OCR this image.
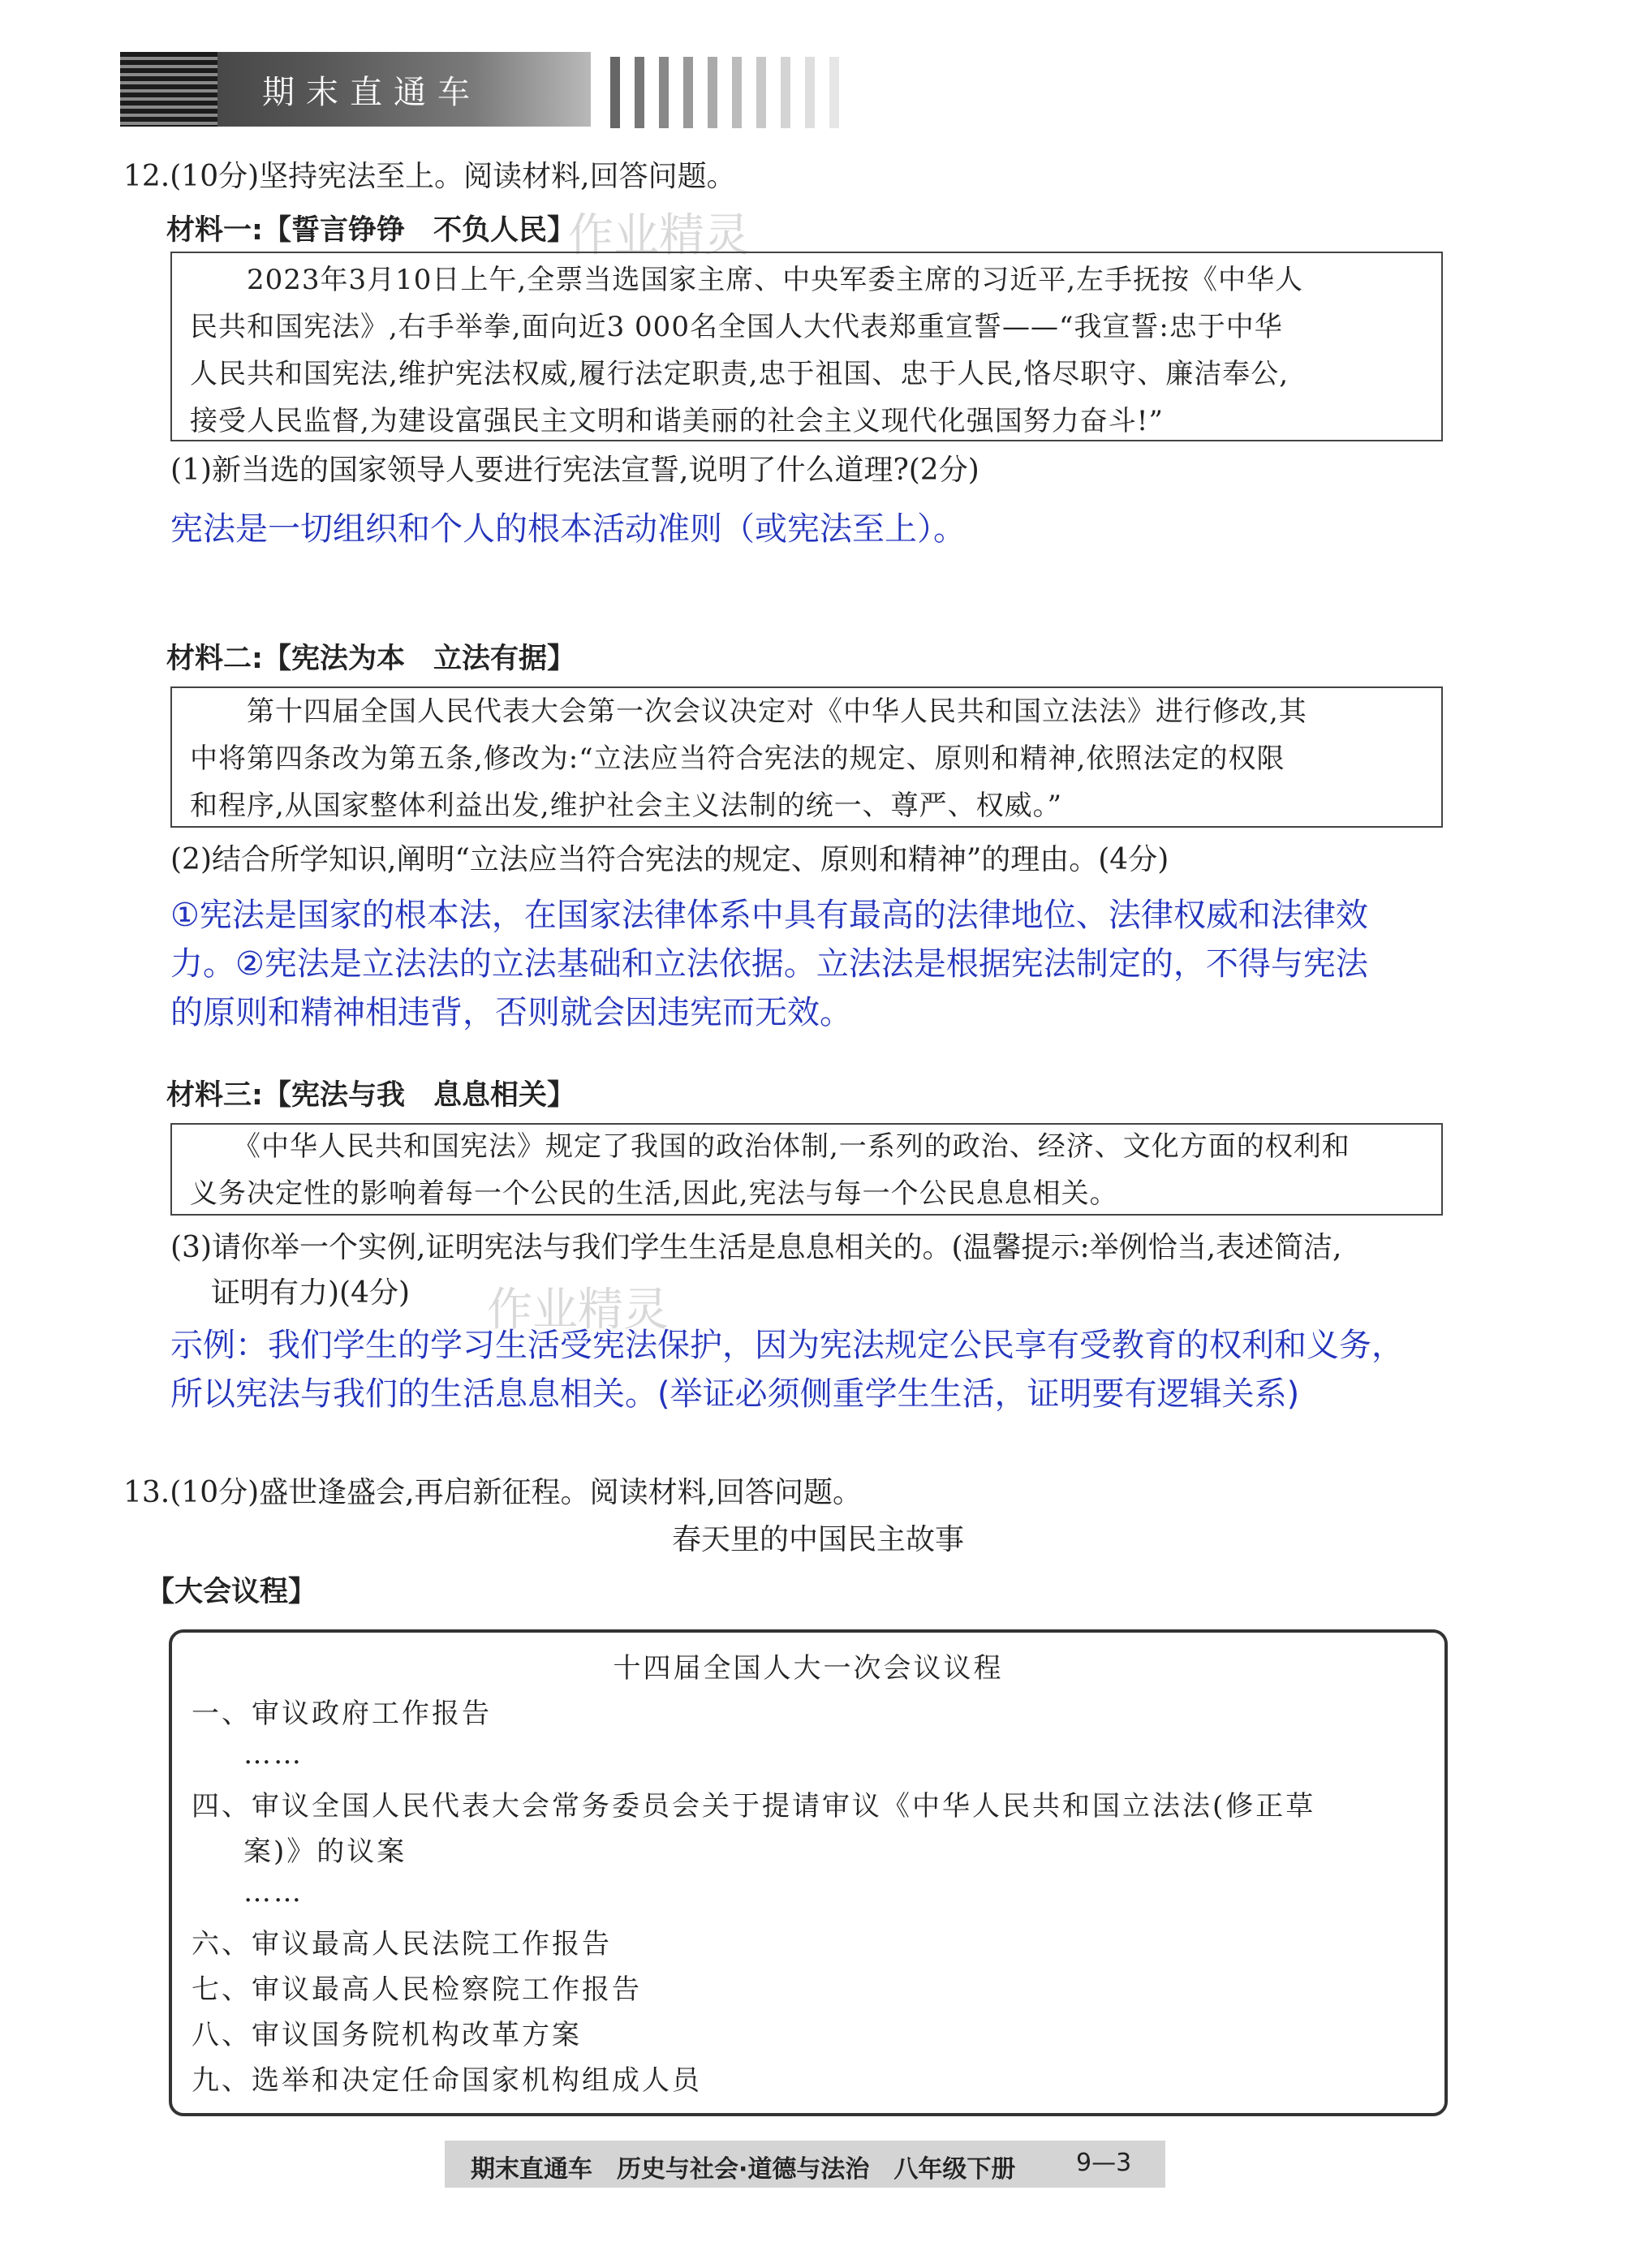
期末直通车
12.(10分)坚持宪法至上。阅读材料,回答问题。
材料一:【誓言铮铮　不负人民】
作业精灵
　　2023年3月10日上午,全票当选国家主席、中央军委主席的习近平,左手抚按《中华人
民共和国宪法》,右手举拳,面向近3 000名全国人大代表郑重宣誓——“我宣誓:忠于中华
人民共和国宪法,维护宪法权威,履行法定职责,忠于祖国、忠于人民,恪尽职守、廉洁奉公,
接受人民监督,为建设富强民主文明和谐美丽的社会主义现代化强国努力奋斗!”
(1)新当选的国家领导人要进行宪法宣誓,说明了什么道理?(2分)
宪法是一切组织和个人的根本活动准则（或宪法至上）。
材料二:【宪法为本　立法有据】
　　第十四届全国人民代表大会第一次会议决定对《中华人民共和国立法法》进行修改,其
中将第四条改为第五条,修改为:“立法应当符合宪法的规定、原则和精神,依照法定的权限
和程序,从国家整体利益出发,维护社会主义法制的统一、尊严、权威。”
(2)结合所学知识,阐明“立法应当符合宪法的规定、原则和精神”的理由。(4分)
①宪法是国家的根本法，在国家法律体系中具有最高的法律地位、法律权威和法律效
力。②宪法是立法法的立法基础和立法依据。立法法是根据宪法制定的，不得与宪法
的原则和精神相违背，否则就会因违宪而无效。
材料三:【宪法与我　息息相关】
　　《中华人民共和国宪法》规定了我国的政治体制,一系列的政治、经济、文化方面的权利和
义务决定性的影响着每一个公民的生活,因此,宪法与每一个公民息息相关。
(3)请你举一个实例,证明宪法与我们学生生活是息息相关的。(温馨提示:举例恰当,表述简洁,
证明有力)(4分)	作业精灵
示例：我们学生的学习生活受宪法保护，因为宪法规定公民享有受教育的权利和义务，
所以宪法与我们的生活息息相关。(举证必须侧重学生生活，证明要有逻辑关系)
13.(10分)盛世逢盛会,再启新征程。阅读材料,回答问题。
春天里的中国民主故事
【大会议程】
十四届全国人大一次会议议程
一、审议政府工作报告
……
四、审议全国人民代表大会常务委员会关于提请审议《中华人民共和国立法法(修正草
案)》的议案
……
六、审议最高人民法院工作报告
七、审议最高人民检察院工作报告
八、审议国务院机构改革方案
九、选举和决定任命国家机构组成人员
期末直通车　历史与社会·道德与法治　八年级下册 9—3
